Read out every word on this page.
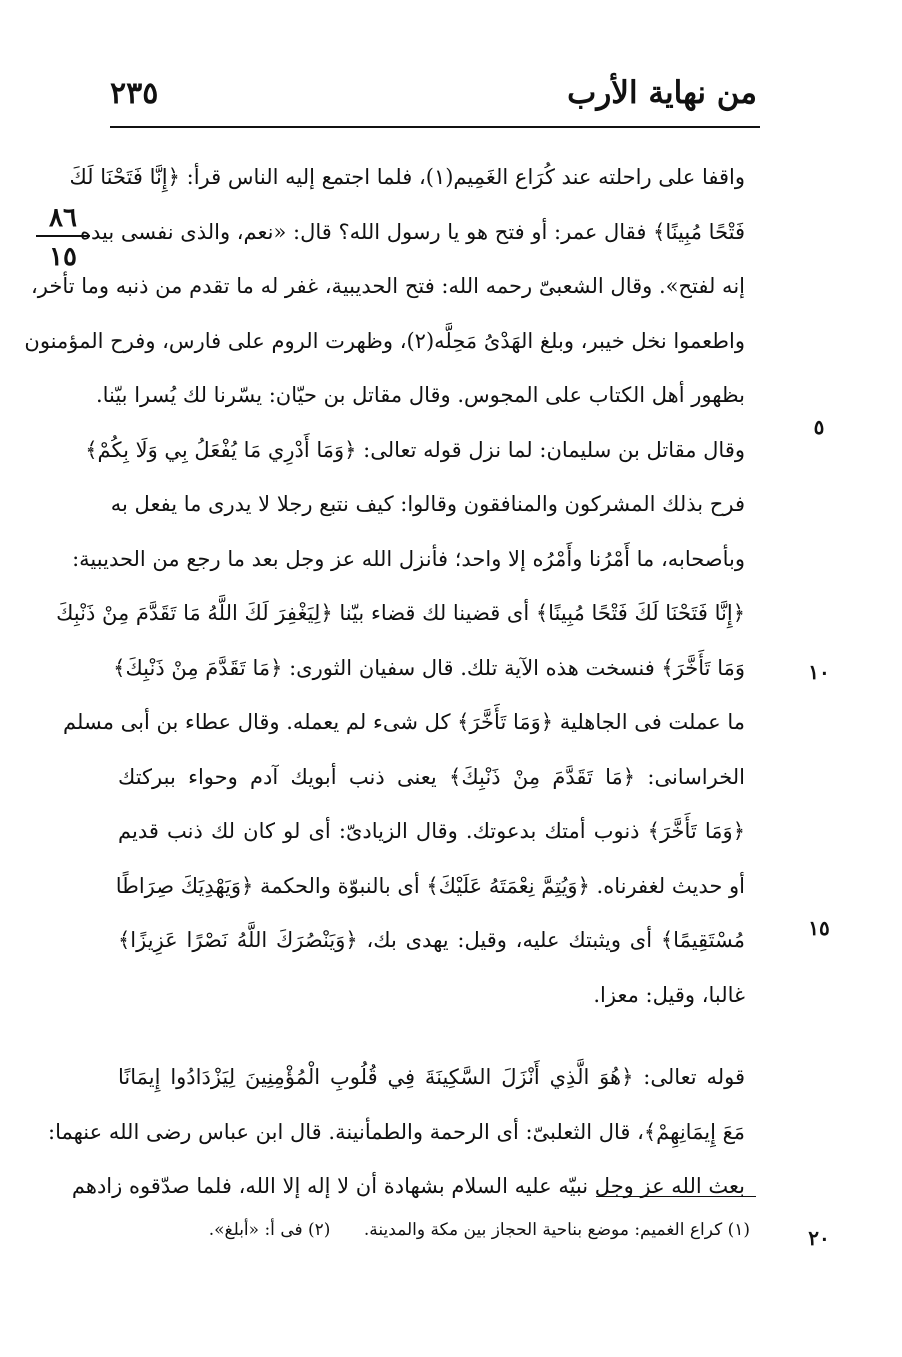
من نهاية الأرب
٢٣٥
٨٦
١٥
واقفا على راحلته عند كُرَاع الغَمِيم(١)، فلما اجتمع إليه الناس قرأ: ﴿إِنَّا فَتَحْنَا لَكَ
فَتْحًا مُبِينًا﴾ فقال عمر: أو فتح هو يا رسول الله؟ قال: «نعم، والذى نفسى بيده
إنه لفتح». وقال الشعبىّ رحمه الله: فتح الحديبية، غفر له ما تقدم من ذنبه وما تأخر،
واطعموا نخل خيبر، وبلغ الهَدْىُ مَحِلَّه(٢)، وظهرت الروم على فارس، وفرح المؤمنون
بظهور أهل الكتاب على المجوس. وقال مقاتل بن حيّان: يسّرنا لك يُسرا بيّنا.
وقال مقاتل بن سليمان: لما نزل قوله تعالى: ﴿وَمَا أَدْرِي مَا يُفْعَلُ بِي وَلَا بِكُمْ﴾
فرح بذلك المشركون والمنافقون وقالوا: كيف نتبع رجلا لا يدرى ما يفعل به
وبأصحابه، ما أَمْرُنا وأَمْرُه إلا واحد؛ فأنزل الله عز وجل بعد ما رجع من الحديبية:
﴿إِنَّا فَتَحْنَا لَكَ فَتْحًا مُبِينًا﴾ أى قضينا لك قضاء بيّنا ﴿لِيَغْفِرَ لَكَ اللَّهُ مَا تَقَدَّمَ مِنْ ذَنْبِكَ
وَمَا تَأَخَّرَ﴾ فنسخت هذه الآية تلك. قال سفيان الثورى: ﴿مَا تَقَدَّمَ مِنْ ذَنْبِكَ﴾
ما عملت فى الجاهلية ﴿وَمَا تَأَخَّرَ﴾ كل شىء لم يعمله. وقال عطاء بن أبى مسلم
الخراسانى: ﴿مَا تَقَدَّمَ مِنْ ذَنْبِكَ﴾ يعنى ذنب أبويك آدم وحواء ببركتك
﴿وَمَا تَأَخَّرَ﴾ ذنوب أمتك بدعوتك. وقال الزيادىّ: أى لو كان لك ذنب قديم
أو حديث لغفرناه. ﴿وَيُتِمَّ نِعْمَتَهُ عَلَيْكَ﴾ أى بالنبوّة والحكمة ﴿وَيَهْدِيَكَ صِرَاطًا
مُسْتَقِيمًا﴾ أى ويثبتك عليه، وقيل: يهدى بك، ﴿وَيَنْصُرَكَ اللَّهُ نَصْرًا عَزِيزًا﴾
غالبا، وقيل: معزا.
قوله تعالى: ﴿هُوَ الَّذِي أَنْزَلَ السَّكِينَةَ فِي قُلُوبِ الْمُؤْمِنِينَ لِيَزْدَادُوا إِيمَانًا
مَعَ إِيمَانِهِمْ﴾، قال الثعلبىّ: أى الرحمة والطمأنينة. قال ابن عباس رضى الله عنهما:
بعث الله عز وجل نبيّه عليه السلام بشهادة أن لا إله إلا الله، فلما صدّقوه زادهم
٥
١٠
١٥
٢٠
(١) كراع الغميم: موضع بناحية الحجاز بين مكة والمدينة. (٢) فى أ: «أبلغ».
